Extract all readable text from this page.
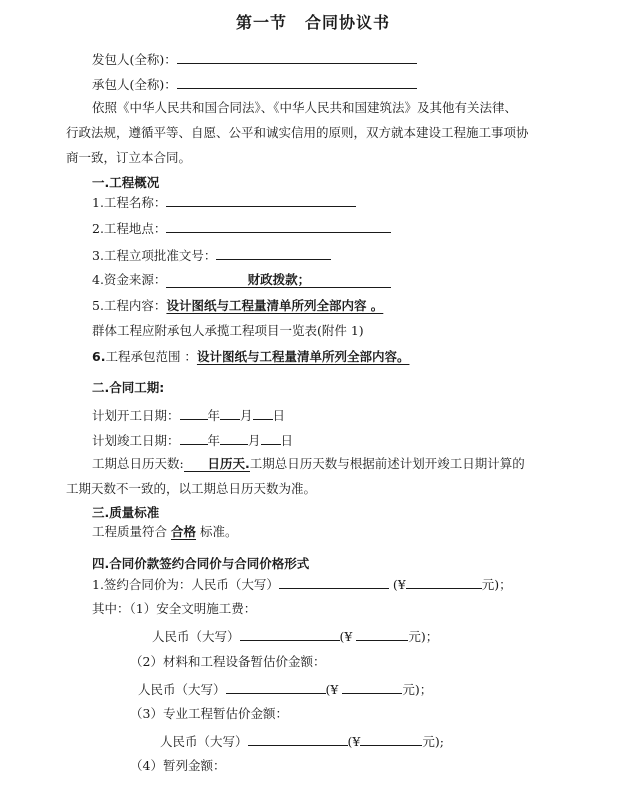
第一节 合同协议书
发包人(全称)：
承包人(全称)：
依照《中华人民共和国合同法》、《中华人民共和国建筑法》及其他有关法律、
行政法规，遵循平等、自愿、公平和诚实信用的原则，双方就本建设工程施工事项协
商一致，订立本合同。
一.工程概况
1.工程名称：
2.工程地点：
3.工程立项批准文号：
4.资金来源：	财政拨款；
5.工程内容：设计图纸与工程量清单所列全部内容 。
群体工程应附承包人承揽工程项目一览表(附件 1)
6.工程承包范围 ：设计图纸与工程量清单所列全部内容。
二.合同工期:
计划开工日期： 年 月 日
计划竣工日期： 年 月 日
工期总日历天数: 日历天.工期总日历天数与根据前述计划开竣工日期计算的
工期天数不一致的，以工期总日历天数为准。
三.质量标准
工程质量符合 合格 标准。
四.合同价款签约合同价与合同价格形式
1.签约合同价为：人民币（大写）	(¥	元)；
其中：（1）安全文明施工费：
人民币（大写）	(¥	元)；
（2）材料和工程设备暂估价金额：
人民币（大写）	(¥	元)；
（3）专业工程暂估价金额：
人民币（大写）	(¥	元);
（4）暂列金额：
